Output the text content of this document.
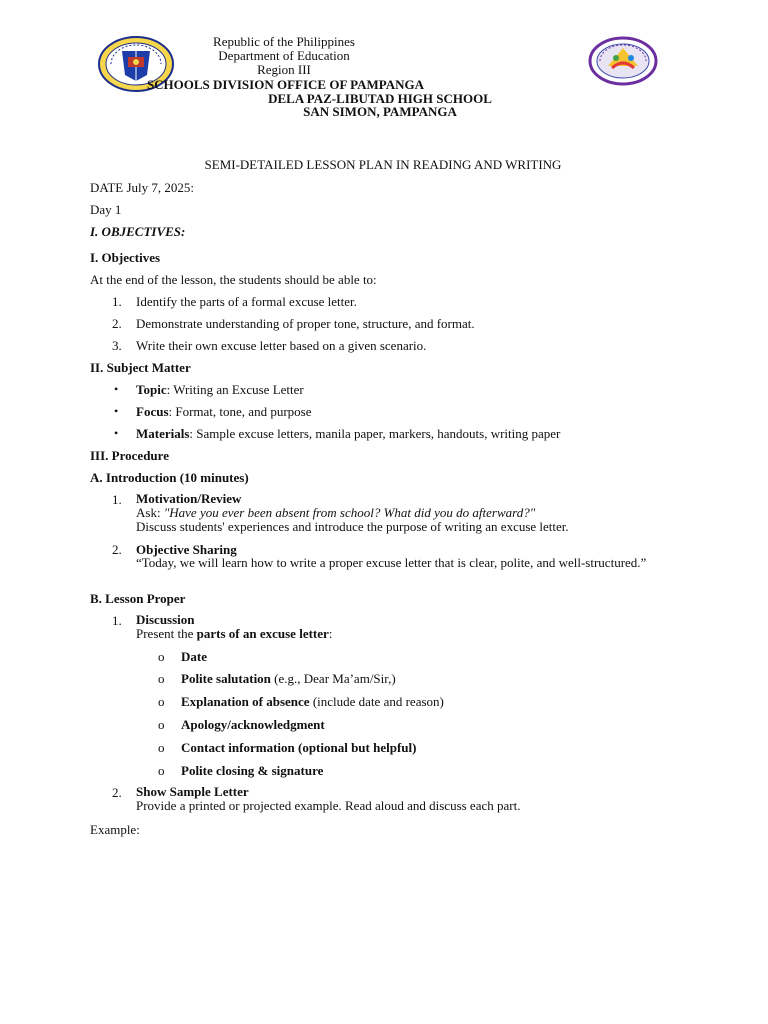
Republic of the Philippines
Department of Education
Region III
SCHOOLS DIVISION OFFICE OF PAMPANGA
DELA PAZ-LIBUTAD HIGH SCHOOL
SAN SIMON, PAMPANGA
SEMI-DETAILED LESSON PLAN IN READING AND WRITING
DATE July 7, 2025:
Day 1
I. OBJECTIVES:
I. Objectives
At the end of the lesson, the students should be able to:
1. Identify the parts of a formal excuse letter.
2. Demonstrate understanding of proper tone, structure, and format.
3. Write their own excuse letter based on a given scenario.
II. Subject Matter
• Topic: Writing an Excuse Letter
• Focus: Format, tone, and purpose
• Materials: Sample excuse letters, manila paper, markers, handouts, writing paper
III. Procedure
A. Introduction (10 minutes)
1. Motivation/Review
Ask: "Have you ever been absent from school? What did you do afterward?"
Discuss students' experiences and introduce the purpose of writing an excuse letter.
2. Objective Sharing
“Today, we will learn how to write a proper excuse letter that is clear, polite, and well-structured.”
B. Lesson Proper
1. Discussion
Present the parts of an excuse letter:
o Date
o Polite salutation (e.g., Dear Ma’am/Sir,)
o Explanation of absence (include date and reason)
o Apology/acknowledgment
o Contact information (optional but helpful)
o Polite closing & signature
2. Show Sample Letter
Provide a printed or projected example. Read aloud and discuss each part.
Example:
